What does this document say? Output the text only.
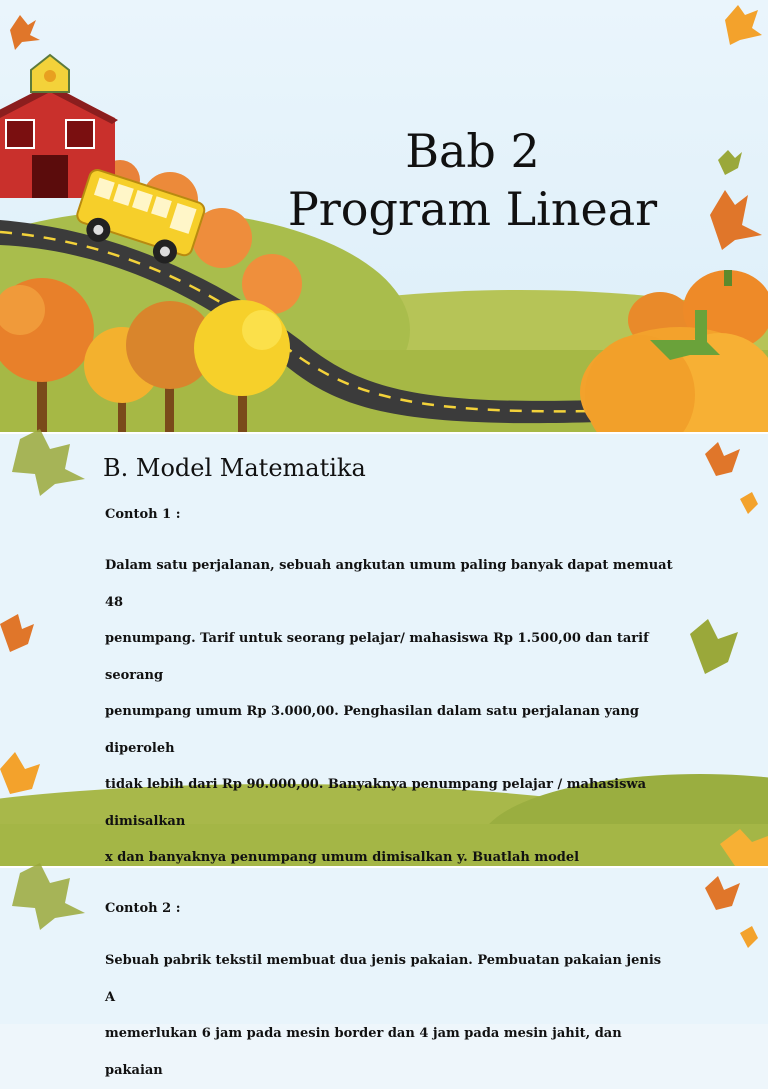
Bab 2
Program Linear
B. Model Matematika
Contoh 1 :
Dalam satu perjalanan, sebuah angkutan umum paling banyak dapat memuat 48
penumpang. Tarif untuk seorang pelajar/ mahasiswa Rp 1.500,00 dan tarif seorang
penumpang umum Rp 3.000,00. Penghasilan dalam satu perjalanan yang diperoleh
tidak lebih dari Rp 90.000,00. Banyaknya penumpang pelajar / mahasiswa dimisalkan
x dan banyaknya penumpang umum dimisalkan y. Buatlah model
Contoh 2 :
Sebuah pabrik tekstil membuat dua jenis pakaian. Pembuatan pakaian jenis A
memerlukan 6 jam pada mesin border dan 4 jam pada mesin jahit, dan pakaian
